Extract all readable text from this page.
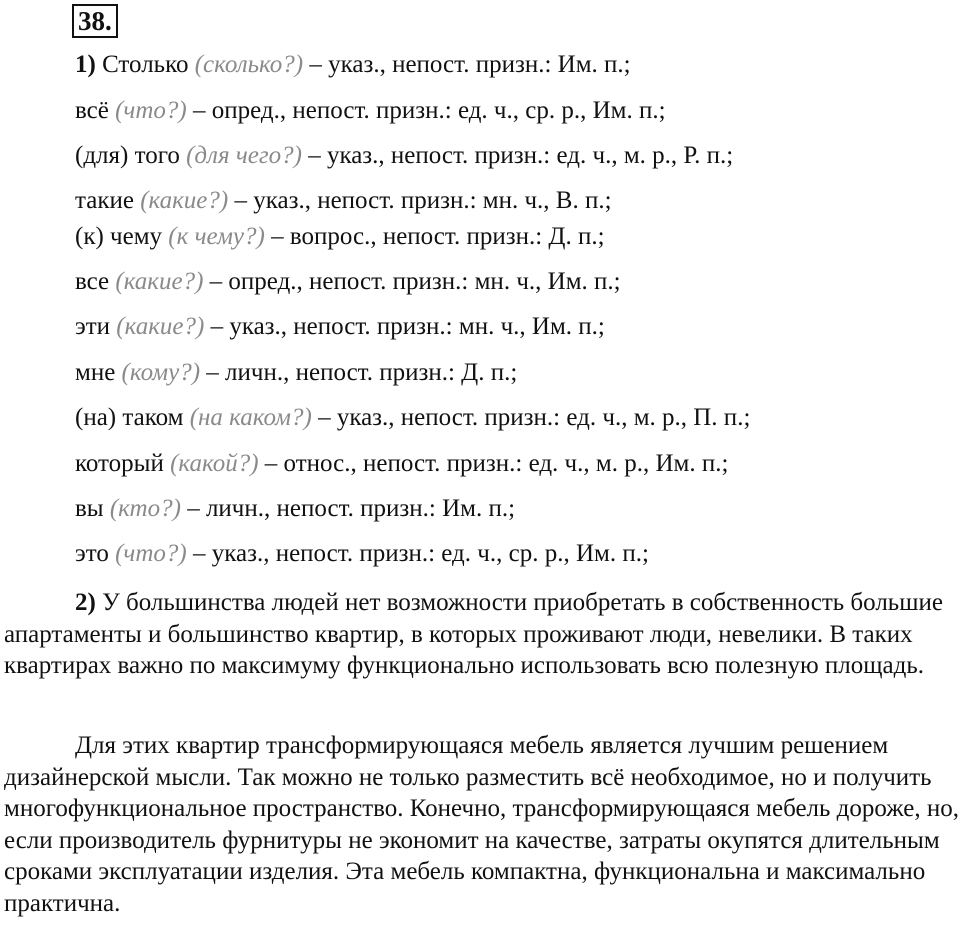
38.
1) Столько (сколько?) – указ., непост. призн.: Им. п.;
всё (что?) – опред., непост. призн.: ед. ч., ср. р., Им. п.;
(для) того (для чего?) – указ., непост. призн.: ед. ч., м. р., Р. п.;
такие (какие?) – указ., непост. призн.: мн. ч., В. п.;
(к) чему (к чему?) – вопрос., непост. призн.: Д. п.;
все (какие?) – опред., непост. призн.: мн. ч., Им. п.;
эти (какие?) – указ., непост. призн.: мн. ч., Им. п.;
мне (кому?) – личн., непост. призн.: Д. п.;
(на) таком (на каком?) – указ., непост. призн.: ед. ч., м. р., П. п.;
который (какой?) – относ., непост. призн.: ед. ч., м. р., Им. п.;
вы (кто?) – личн., непост. призн.: Им. п.;
это (что?) – указ., непост. призн.: ед. ч., ср. р., Им. п.;

2) У большинства людей нет возможности приобретать в собственность большие апартаменты и большинство квартир, в которых проживают люди, невелики. В таких квартирах важно по максимуму функционально использовать всю полезную площадь.

Для этих квартир трансформирующаяся мебель является лучшим решением дизайнерской мысли. Так можно не только разместить всё необходимое, но и получить многофункциональное пространство. Конечно, трансформирующаяся мебель дороже, но, если производитель фурнитуры не экономит на качестве, затраты окупятся длительным сроками эксплуатации изделия. Эта мебель компактна, функциональна и максимально практична.
